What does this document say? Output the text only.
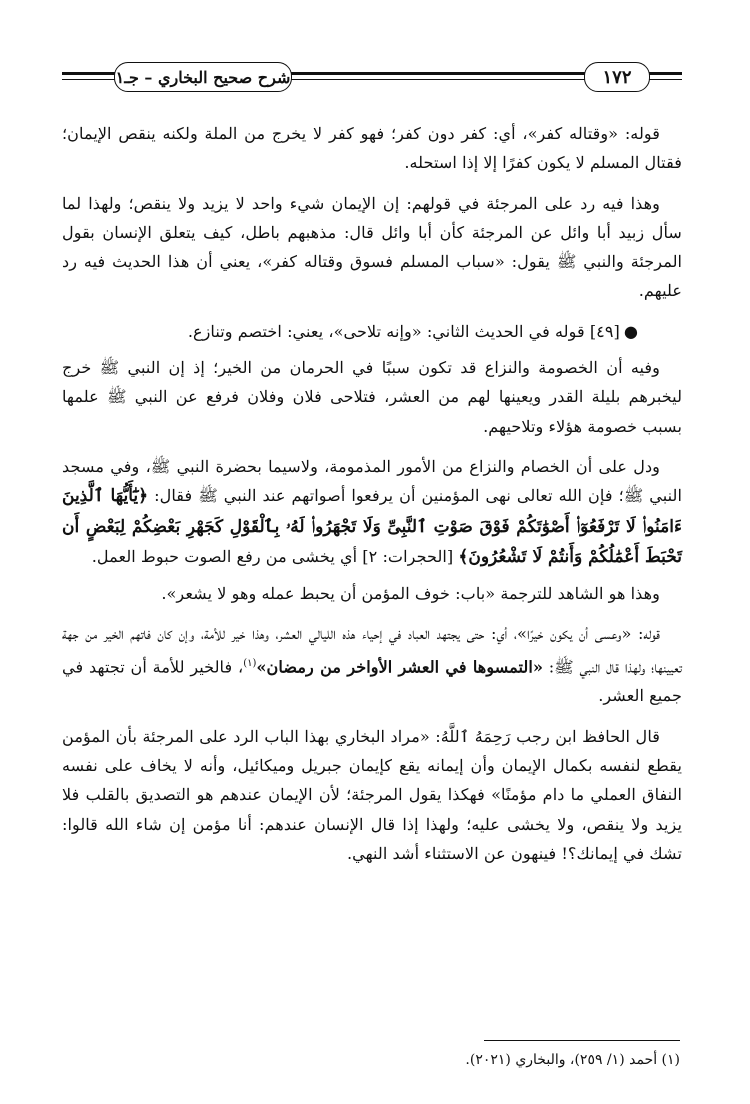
شرح صحيح البخاري – جـ١	١٧٢

قوله: «وقتاله كفر»، أي: كفر دون كفر؛ فهو كفر لا يخرج من الملة ولكنه ينقص الإيمان؛ فقتال المسلم لا يكون كفرًا إلا إذا استحله.

وهذا فيه رد على المرجئة في قولهم: إن الإيمان شيء واحد لا يزيد ولا ينقص؛ ولهذا لما سأل زبيد أبا وائل عن المرجئة كأن أبا وائل قال: مذهبهم باطل، كيف يتعلق الإنسان بقول المرجئة والنبي ﷺ يقول: «سباب المسلم فسوق وقتاله كفر»، يعني أن هذا الحديث فيه رد عليهم.

●[٤٩] قوله في الحديث الثاني: «وإنه تلاحى»، يعني: اختصم وتنازع.

وفيه أن الخصومة والنزاع قد تكون سببًا في الحرمان من الخير؛ إذ إن النبي ﷺ خرج ليخبرهم بليلة القدر ويعينها لهم من العشر، فتلاحى فلان وفلان فرفع عن النبي ﷺ علمها بسبب خصومة هؤلاء وتلاحيهم.

ودل على أن الخصام والنزاع من الأمور المذمومة، ولاسيما بحضرة النبي ﷺ، وفي مسجد النبي ﷺ؛ فإن الله تعالى نهى المؤمنين أن يرفعوا أصواتهم عند النبي ﷺ فقال: ﴿يَٰٓأَيُّهَا ٱلَّذِينَ ءَامَنُوا۟ لَا تَرْفَعُوٓا۟ أَصْوَٰتَكُمْ فَوْقَ صَوْتِ ٱلنَّبِىِّ وَلَا تَجْهَرُوا۟ لَهُۥ بِٱلْقَوْلِ كَجَهْرِ بَعْضِكُمْ لِبَعْضٍ أَن تَحْبَطَ أَعْمَٰلُكُمْ وَأَنتُمْ لَا تَشْعُرُونَ﴾ [الحجرات: ٢] أي يخشى من رفع الصوت حبوط العمل.

وهذا هو الشاهد للترجمة «باب: خوف المؤمن أن يحبط عمله وهو لا يشعر».

قوله: «وعسى أن يكون خيرًا»، أي: حتى يجتهد العباد في إحياء هذه الليالي العشر، وهذا خير للأمة، وإن كان فاتهم الخير من جهة تعيينها؛ ولهذا قال النبي ﷺ: «التمسوها في العشر الأواخر من رمضان»$^{(١)}$، فالخير للأمة أن تجتهد في جميع العشر.

قال الحافظ ابن رجب رَحِمَهُ ٱللَّهُ: «مراد البخاري بهذا الباب الرد على المرجئة بأن المؤمن يقطع لنفسه بكمال الإيمان وأن إيمانه يقع كإيمان جبريل وميكائيل، وأنه لا يخاف على نفسه النفاق العملي ما دام مؤمنًا» فهكذا يقول المرجئة؛ لأن الإيمان عندهم هو التصديق بالقلب فلا يزيد ولا ينقص، ولا يخشى عليه؛ ولهذا إذا قال الإنسان عندهم: أنا مؤمن إن شاء الله قالوا: تشك في إيمانك؟! فينهون عن الاستثناء أشد النهي.

(١) أحمد (١/ ٢٥٩)، والبخاري (٢٠٢١).
